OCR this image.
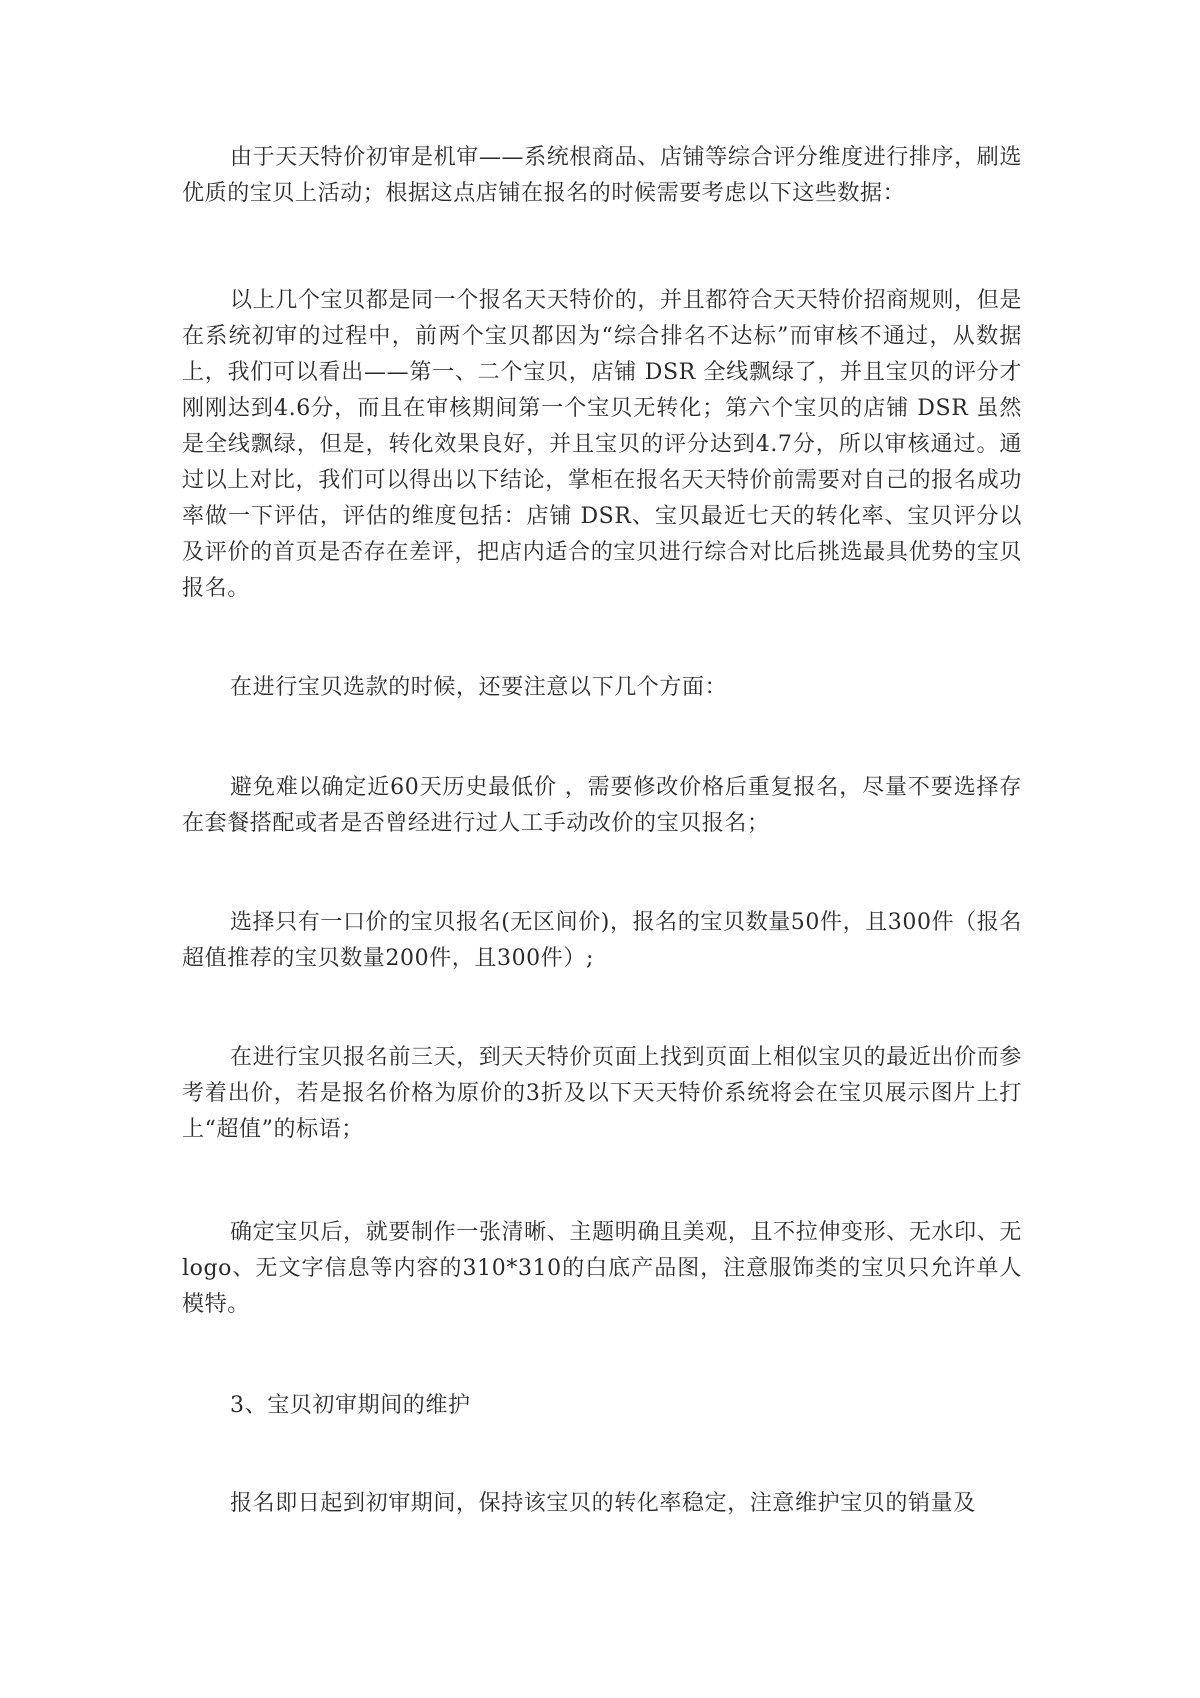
由于天天特价初审是机审——系统根商品、店铺等综合评分维度进行排序，刷选优质的宝贝上活动；根据这点店铺在报名的时候需要考虑以下这些数据：

以上几个宝贝都是同一个报名天天特价的，并且都符合天天特价招商规则，但是在系统初审的过程中，前两个宝贝都因为“综合排名不达标”而审核不通过，从数据上，我们可以看出——第一、二个宝贝，店铺 DSR 全线飘绿了，并且宝贝的评分才刚刚达到4.6分，而且在审核期间第一个宝贝无转化；第六个宝贝的店铺 DSR 虽然是全线飘绿，但是，转化效果良好，并且宝贝的评分达到4.7分，所以审核通过。通过以上对比，我们可以得出以下结论，掌柜在报名天天特价前需要对自己的报名成功率做一下评估，评估的维度包括：店铺 DSR、宝贝最近七天的转化率、宝贝评分以及评价的首页是否存在差评，把店内适合的宝贝进行综合对比后挑选最具优势的宝贝报名。

在进行宝贝选款的时候，还要注意以下几个方面：

避免难以确定近60天历史最低价 ，需要修改价格后重复报名，尽量不要选择存在套餐搭配或者是否曾经进行过人工手动改价的宝贝报名；

选择只有一口价的宝贝报名(无区间价)，报名的宝贝数量50件，且300件（报名超值推荐的宝贝数量200件，且300件）;

在进行宝贝报名前三天，到天天特价页面上找到页面上相似宝贝的最近出价而参考着出价，若是报名价格为原价的3折及以下天天特价系统将会在宝贝展示图片上打上“超值”的标语；

确定宝贝后，就要制作一张清晰、主题明确且美观，且不拉伸变形、无水印、无 logo、无文字信息等内容的310*310的白底产品图，注意服饰类的宝贝只允许单人模特。

3、宝贝初审期间的维护

报名即日起到初审期间，保持该宝贝的转化率稳定，注意维护宝贝的销量及
